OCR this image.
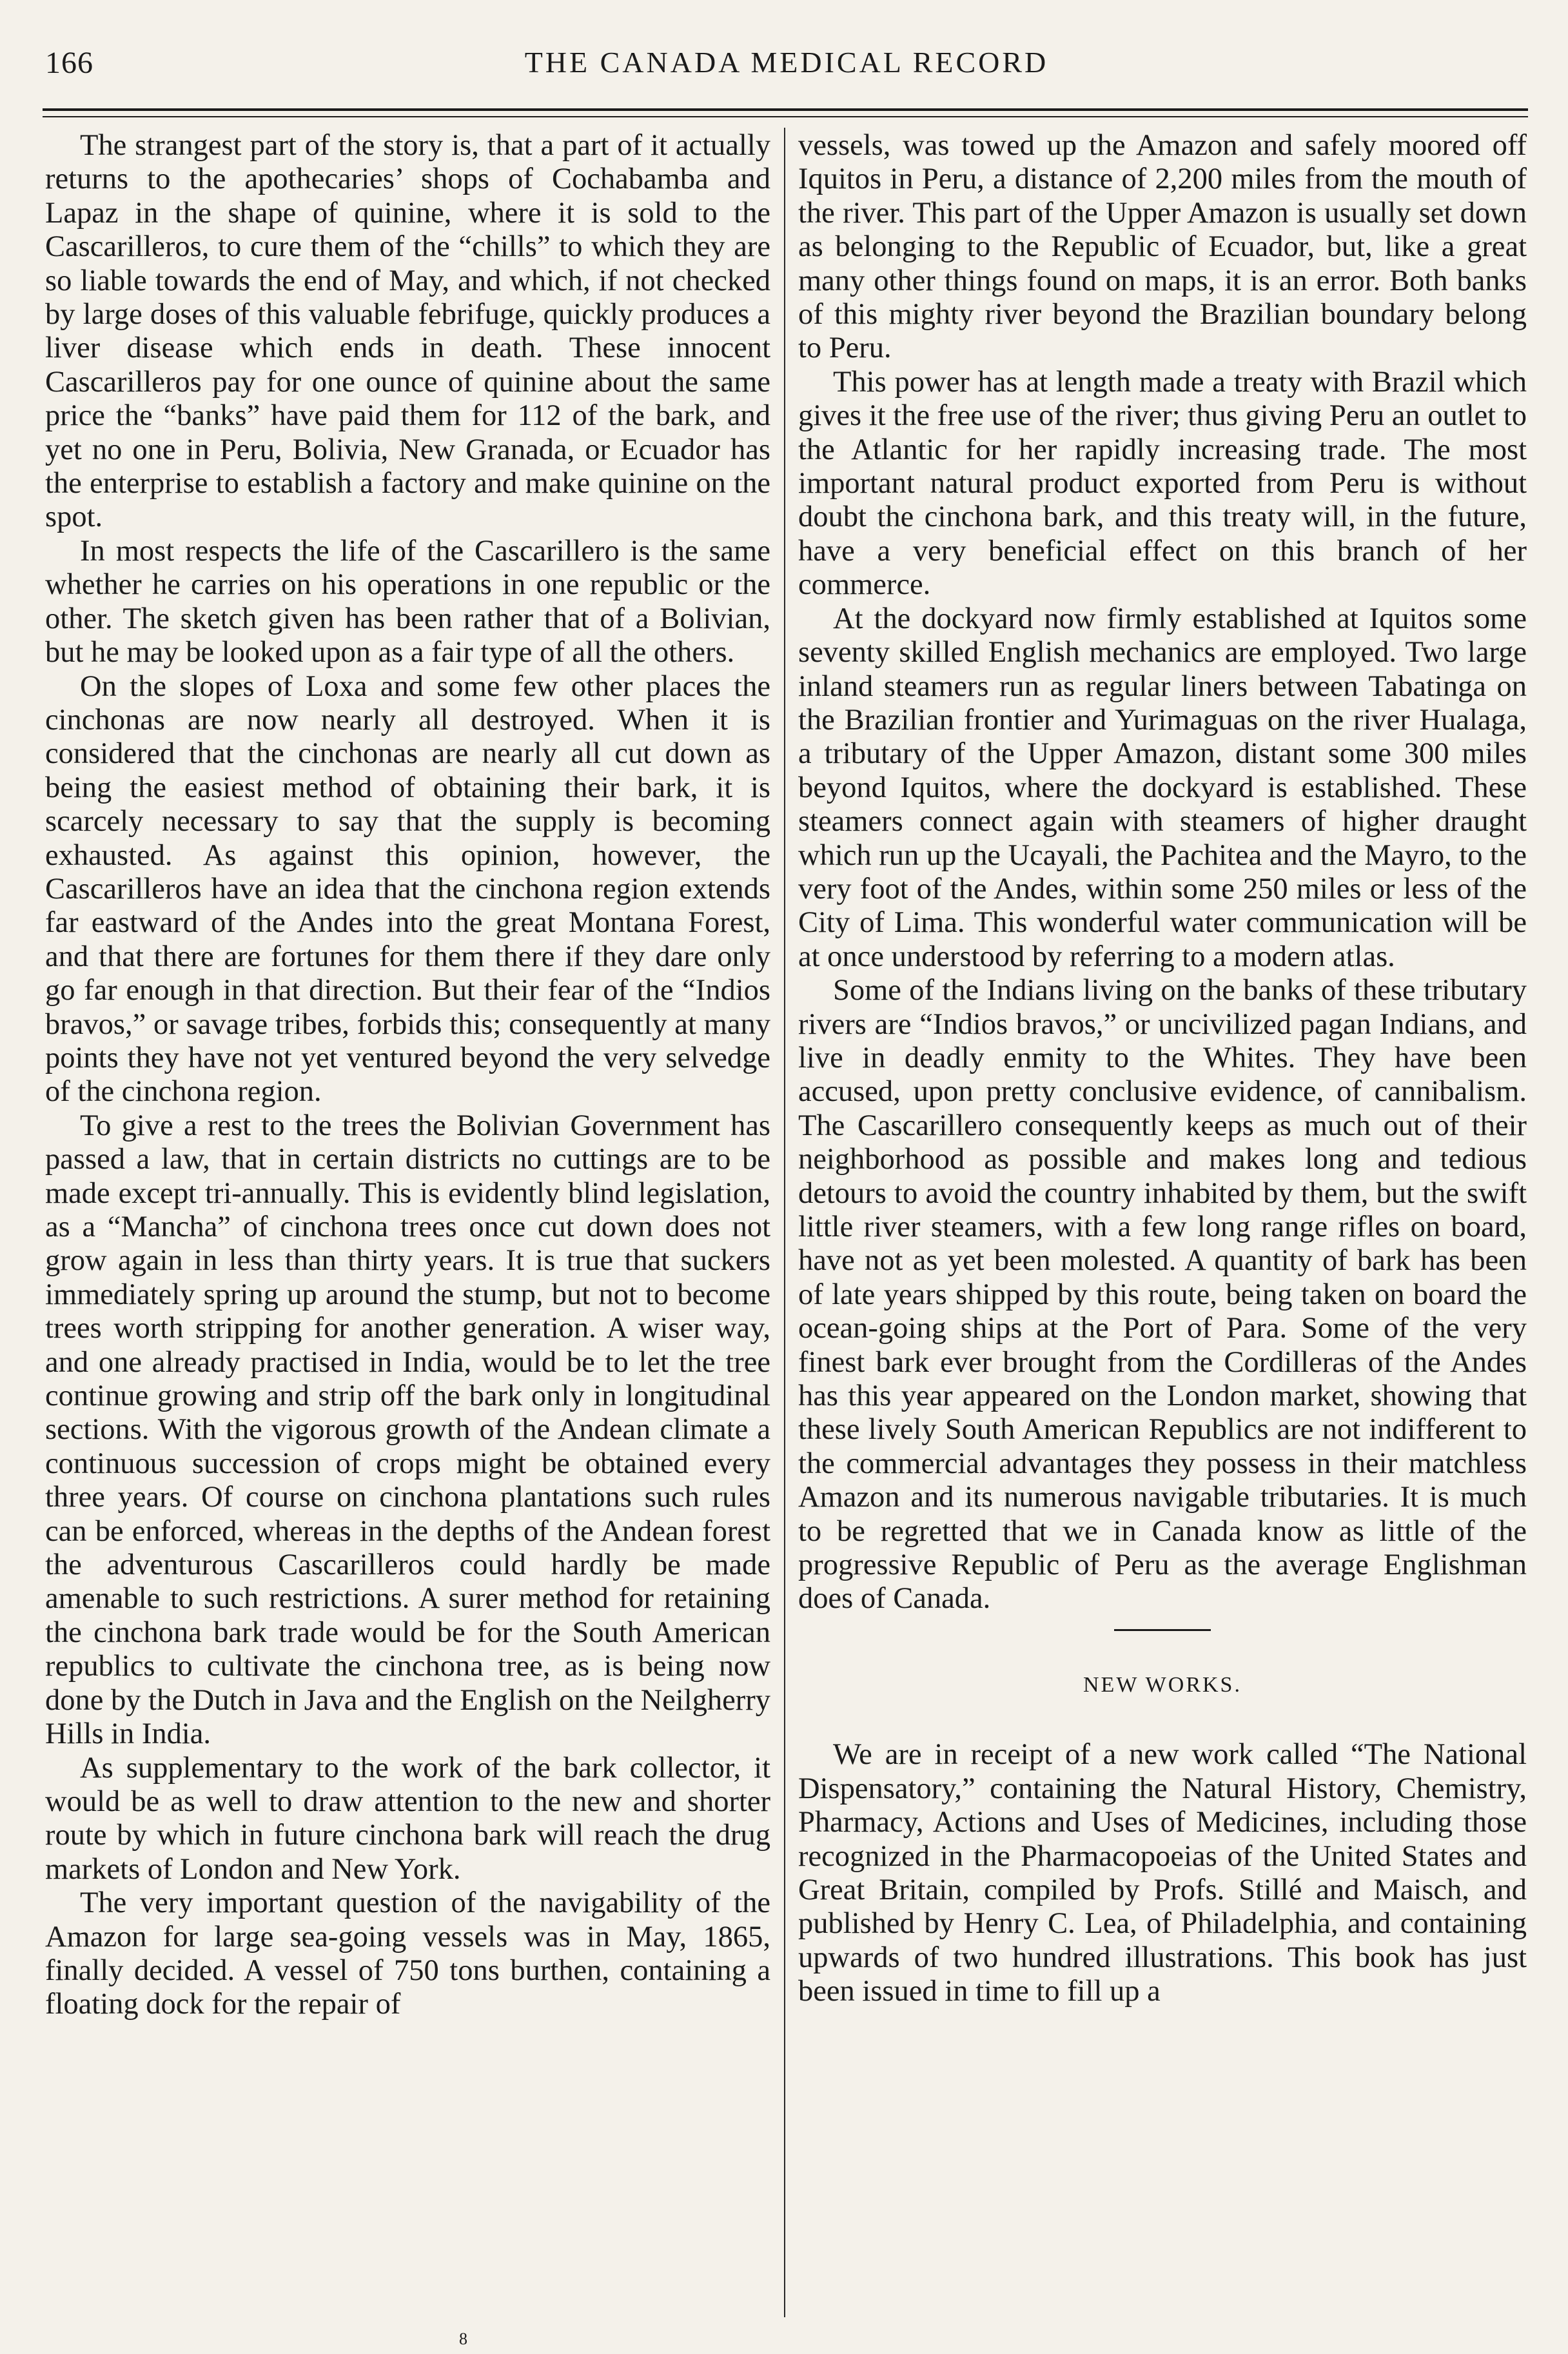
166	THE CANADA MEDICAL RECORD

The strangest part of the story is, that a part of it actually returns to the apothecaries’ shops of Cochabamba and Lapaz in the shape of quinine, where it is sold to the Cascarilleros, to cure them of the “chills” to which they are so liable towards the end of May, and which, if not checked by large doses of this valuable febrifuge, quickly produces a liver disease which ends in death. These innocent Cascarilleros pay for one ounce of quinine about the same price the “banks” have paid them for 112 of the bark, and yet no one in Peru, Bolivia, New Granada, or Ecuador has the enterprise to establish a factory and make quinine on the spot.

In most respects the life of the Cascarillero is the same whether he carries on his operations in one republic or the other. The sketch given has been rather that of a Bolivian, but he may be looked upon as a fair type of all the others.

On the slopes of Loxa and some few other places the cinchonas are now nearly all destroyed. When it is considered that the cinchonas are nearly all cut down as being the easiest method of obtaining their bark, it is scarcely necessary to say that the supply is becoming exhausted. As against this opinion, however, the Cascarilleros have an idea that the cinchona region extends far eastward of the Andes into the great Montana Forest, and that there are fortunes for them there if they dare only go far enough in that direction. But their fear of the “Indios bravos,” or savage tribes, forbids this; consequently at many points they have not yet ventured beyond the very selvedge of the cinchona region.

To give a rest to the trees the Bolivian Government has passed a law, that in certain districts no cuttings are to be made except tri-annually. This is evidently blind legislation, as a “Mancha” of cinchona trees once cut down does not grow again in less than thirty years. It is true that suckers immediately spring up around the stump, but not to become trees worth stripping for another generation. A wiser way, and one already practised in India, would be to let the tree continue growing and strip off the bark only in longitudinal sections. With the vigorous growth of the Andean climate a continuous succession of crops might be obtained every three years. Of course on cinchona plantations such rules can be enforced, whereas in the depths of the Andean forest the adventurous Cascarilleros could hardly be made amenable to such restrictions. A surer method for retaining the cinchona bark trade would be for the South American republics to cultivate the cinchona tree, as is being now done by the Dutch in Java and the English on the Neilgherry Hills in India.

As supplementary to the work of the bark collector, it would be as well to draw attention to the new and shorter route by which in future cinchona bark will reach the drug markets of London and New York.

The very important question of the navigability of the Amazon for large sea-going vessels was in May, 1865, finally decided. A vessel of 750 tons burthen, containing a floating dock for the repair of

vessels, was towed up the Amazon and safely moored off Iquitos in Peru, a distance of 2,200 miles from the mouth of the river. This part of the Upper Amazon is usually set down as belonging to the Republic of Ecuador, but, like a great many other things found on maps, it is an error. Both banks of this mighty river beyond the Brazilian boundary belong to Peru.

This power has at length made a treaty with Brazil which gives it the free use of the river; thus giving Peru an outlet to the Atlantic for her rapidly increasing trade. The most important natural product exported from Peru is without doubt the cinchona bark, and this treaty will, in the future, have a very beneficial effect on this branch of her commerce.

At the dockyard now firmly established at Iquitos some seventy skilled English mechanics are employed. Two large inland steamers run as regular liners between Tabatinga on the Brazilian frontier and Yurimaguas on the river Hualaga, a tributary of the Upper Amazon, distant some 300 miles beyond Iquitos, where the dockyard is established. These steamers connect again with steamers of higher draught which run up the Ucayali, the Pachitea and the Mayro, to the very foot of the Andes, within some 250 miles or less of the City of Lima. This wonderful water communication will be at once understood by referring to a modern atlas.

Some of the Indians living on the banks of these tributary rivers are “Indios bravos,” or uncivilized pagan Indians, and live in deadly enmity to the Whites. They have been accused, upon pretty conclusive evidence, of cannibalism. The Cascarillero consequently keeps as much out of their neighborhood as possible and makes long and tedious detours to avoid the country inhabited by them, but the swift little river steamers, with a few long range rifles on board, have not as yet been molested. A quantity of bark has been of late years shipped by this route, being taken on board the ocean-going ships at the Port of Para. Some of the very finest bark ever brought from the Cordilleras of the Andes has this year appeared on the London market, showing that these lively South American Republics are not indifferent to the commercial advantages they possess in their matchless Amazon and its numerous navigable tributaries. It is much to be regretted that we in Canada know as little of the progressive Republic of Peru as the average Englishman does of Canada.

NEW WORKS.

We are in receipt of a new work called “The National Dispensatory,” containing the Natural History, Chemistry, Pharmacy, Actions and Uses of Medicines, including those recognized in the Pharmacopoeias of the United States and Great Britain, compiled by Profs. Stillé and Maisch, and published by Henry C. Lea, of Philadelphia, and containing upwards of two hundred illustrations. This book has just been issued in time to fill up a

8
